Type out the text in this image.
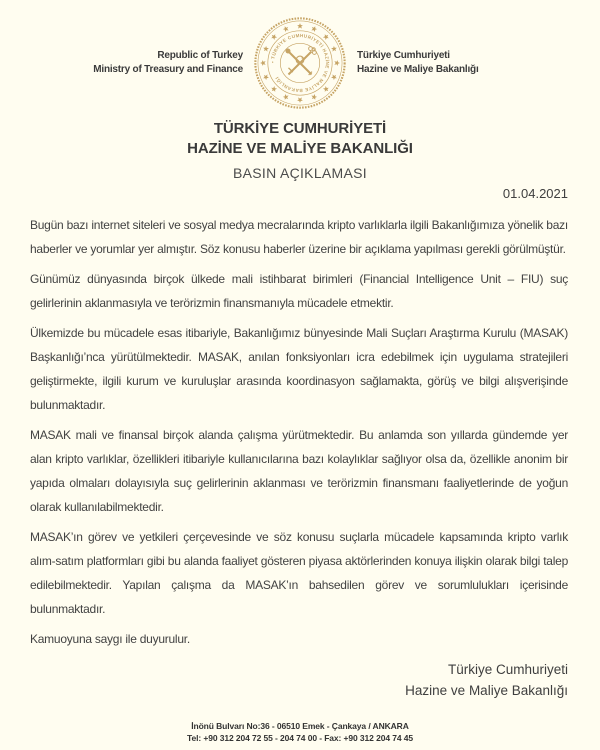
Republic of Turkey
Ministry of Treasury and Finance
• TÜRKİYE CUMHURİYETİ HAZİNE VE MALİYE BAKANLIĞI
Türkiye Cumhuriyeti
Hazine ve Maliye Bakanlığı
TÜRKİYE CUMHURİYETİ
HAZİNE VE MALİYE BAKANLIĞI
BASIN AÇIKLAMASI
01.04.2021

Bugün bazı internet siteleri ve sosyal medya mecralarında kripto varlıklarla ilgili Bakanlığımıza yönelik bazı haberler ve yorumlar yer almıştır. Söz konusu haberler üzerine bir açıklama yapılması gerekli görülmüştür.

Günümüz dünyasında birçok ülkede mali istihbarat birimleri (Financial Intelligence Unit – FIU) suç gelirlerinin aklanmasıyla ve terörizmin finansmanıyla mücadele etmektir.

Ülkemizde bu mücadele esas itibariyle, Bakanlığımız bünyesinde Mali Suçları Araştırma Kurulu (MASAK) Başkanlığı’nca yürütülmektedir. MASAK, anılan fonksiyonları icra edebilmek için uygulama stratejileri geliştirmekte, ilgili kurum ve kuruluşlar arasında koordinasyon sağlamakta, görüş ve bilgi alışverişinde bulunmaktadır.

MASAK mali ve finansal birçok alanda çalışma yürütmektedir. Bu anlamda son yıllarda gündemde yer alan kripto varlıklar, özellikleri itibariyle kullanıcılarına bazı kolaylıklar sağlıyor olsa da, özellikle anonim bir yapıda olmaları dolayısıyla suç gelirlerinin aklanması ve terörizmin finansmanı faaliyetlerinde de yoğun olarak kullanılabilmektedir.

MASAK’ın görev ve yetkileri çerçevesinde ve söz konusu suçlarla mücadele kapsamında kripto varlık alım-satım platformları gibi bu alanda faaliyet gösteren piyasa aktörlerinden konuya ilişkin olarak bilgi talep edilebilmektedir. Yapılan çalışma da MASAK’ın bahsedilen görev ve sorumlulukları içerisinde bulunmaktadır.

Kamuoyuna saygı ile duyurulur.

Türkiye Cumhuriyeti
Hazine ve Maliye Bakanlığı
İnönü Bulvarı No:36 - 06510 Emek - Çankaya / ANKARA
Tel: +90 312 204 72 55 - 204 74 00 - Fax: +90 312 204 74 45
